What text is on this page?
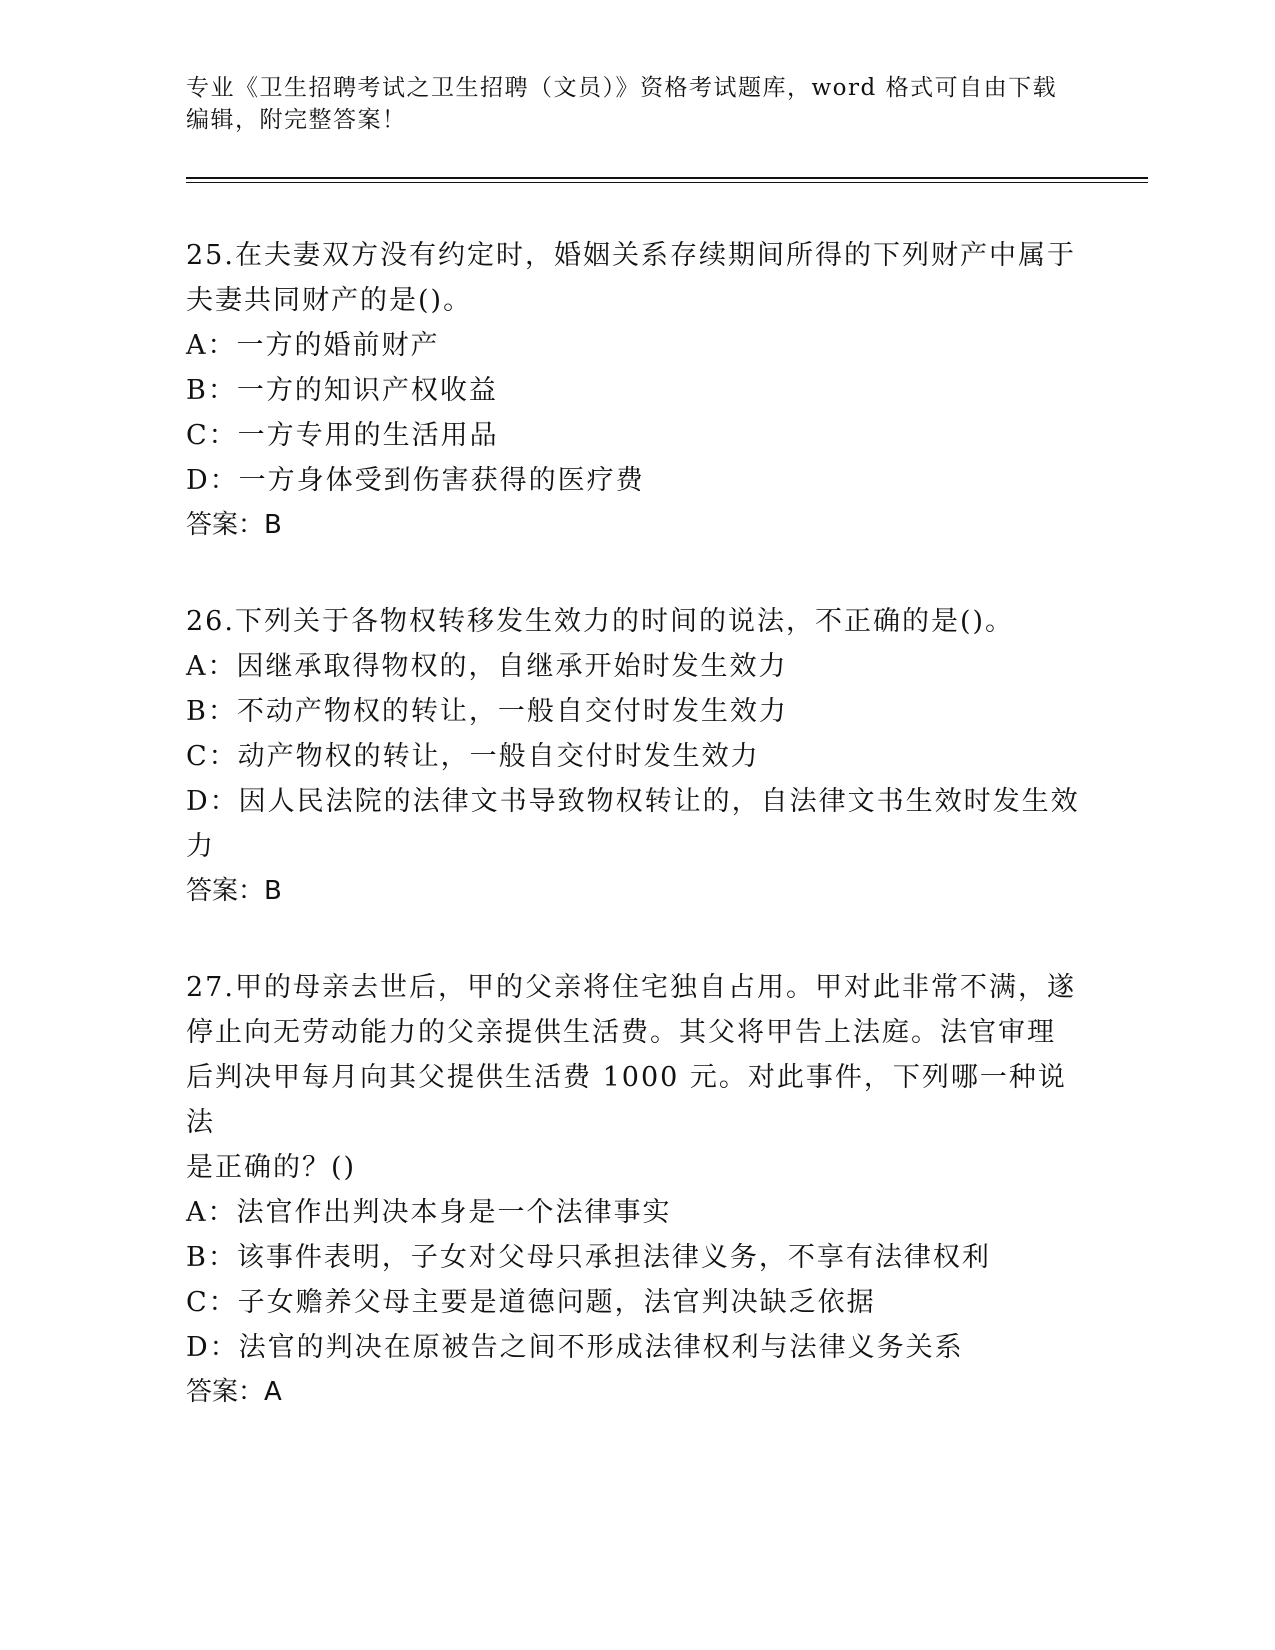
专业《卫生招聘考试之卫生招聘（文员）》资格考试题库，word 格式可自由下载

编辑，附完整答案！

25.在夫妻双方没有约定时，婚姻关系存续期间所得的下列财产中属于

夫妻共同财产的是()。

A：一方的婚前财产

B：一方的知识产权收益

C：一方专用的生活用品

D：一方身体受到伤害获得的医疗费

答案：B

26.下列关于各物权转移发生效力的时间的说法，不正确的是()。

A：因继承取得物权的，自继承开始时发生效力

B：不动产物权的转让，一般自交付时发生效力

C：动产物权的转让，一般自交付时发生效力

D：因人民法院的法律文书导致物权转让的，自法律文书生效时发生效

力

答案：B

27.甲的母亲去世后，甲的父亲将住宅独自占用。甲对此非常不满，遂

停止向无劳动能力的父亲提供生活费。其父将甲告上法庭。法官审理

后判决甲每月向其父提供生活费 1000 元。对此事件，下列哪一种说法

是正确的？()

A：法官作出判决本身是一个法律事实

B：该事件表明，子女对父母只承担法律义务，不享有法律权利

C：子女赡养父母主要是道德问题，法官判决缺乏依据

D：法官的判决在原被告之间不形成法律权利与法律义务关系

答案：A
